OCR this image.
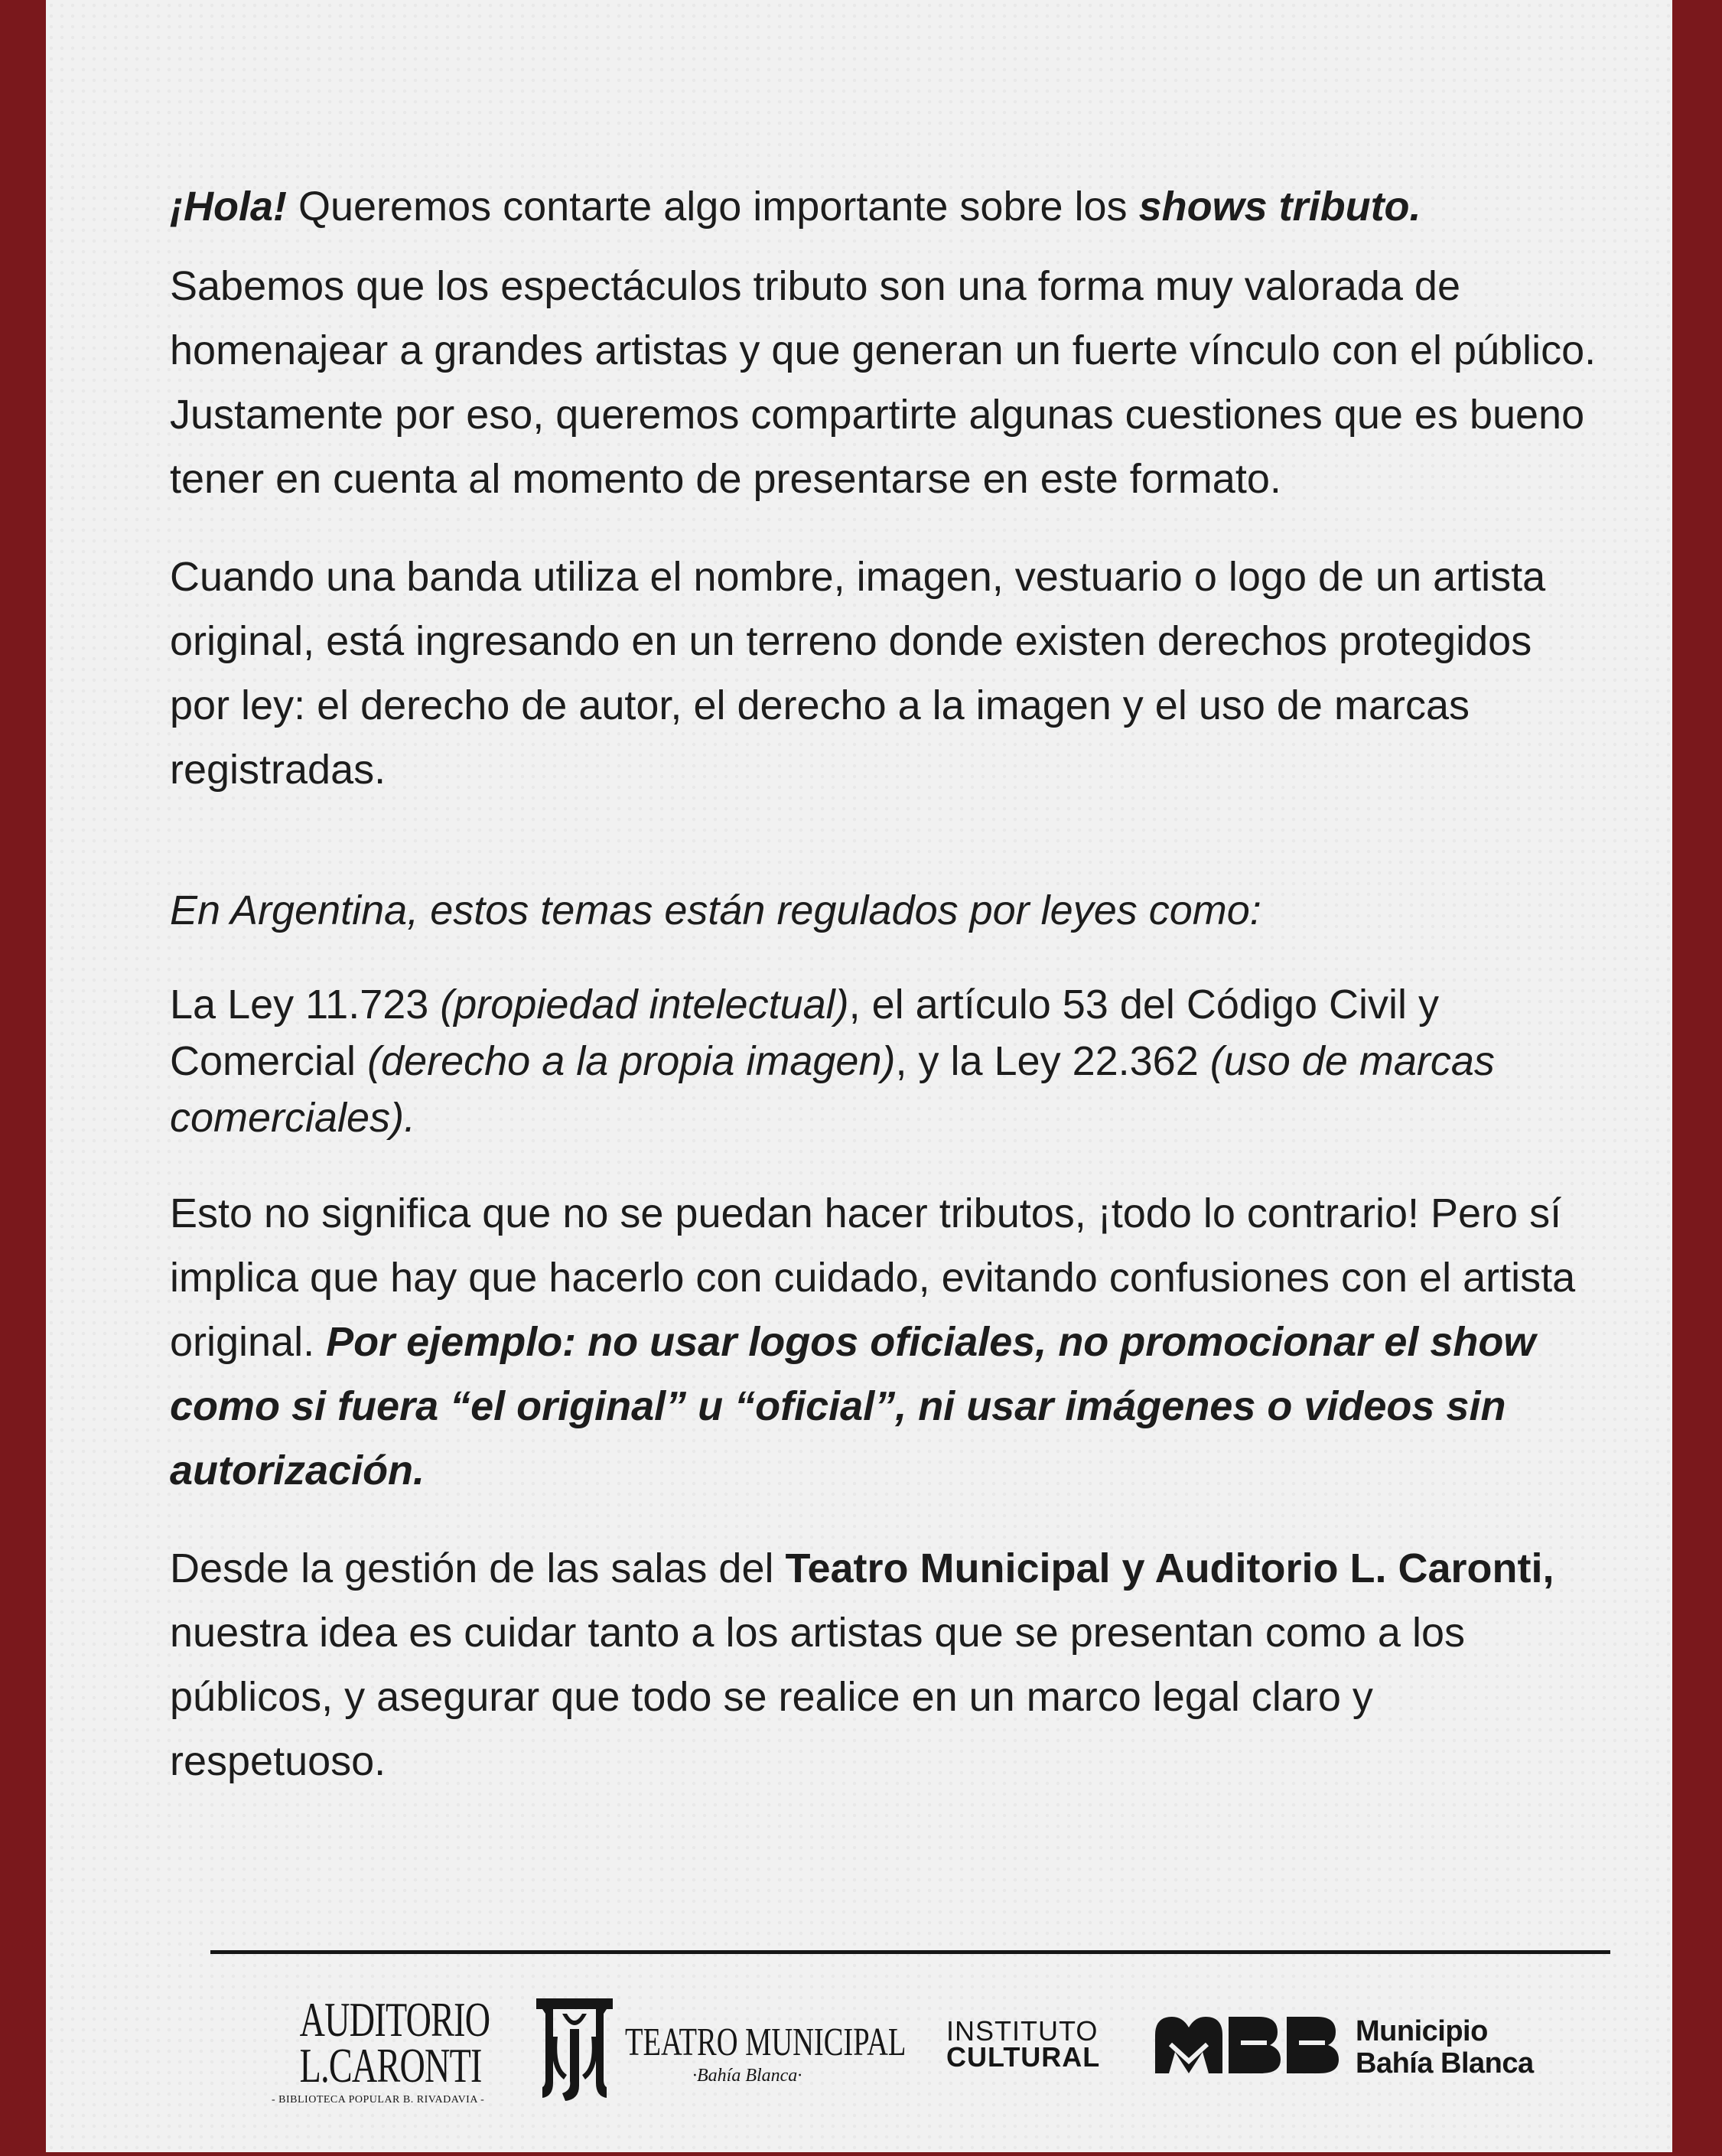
¡Hola! Queremos contarte algo importante sobre los shows tributo.

Sabemos que los espectáculos tributo son una forma muy valorada de homenajear a grandes artistas y que generan un fuerte vínculo con el público. Justamente por eso, queremos compartirte algunas cuestiones que es bueno tener en cuenta al momento de presentarse en este formato.

Cuando una banda utiliza el nombre, imagen, vestuario o logo de un artista original, está ingresando en un terreno donde existen derechos protegidos por ley: el derecho de autor, el derecho a la imagen y el uso de marcas registradas.

En Argentina, estos temas están regulados por leyes como:

La Ley 11.723 (propiedad intelectual), el artículo 53 del Código Civil y Comercial (derecho a la propia imagen), y la Ley 22.362 (uso de marcas comerciales).

Esto no significa que no se puedan hacer tributos, ¡todo lo contrario! Pero sí implica que hay que hacerlo con cuidado, evitando confusiones con el artista original. Por ejemplo: no usar logos oficiales, no promocionar el show como si fuera “el original” u “oficial”, ni usar imágenes o videos sin autorización.

Desde la gestión de las salas del Teatro Municipal y Auditorio L. Caronti, nuestra idea es cuidar tanto a los artistas que se presentan como a los públicos, y asegurar que todo se realice en un marco legal claro y respetuoso.

AUDITORIO
L.CARONTI
- BIBLIOTECA POPULAR B. RIVADAVIA -
TEATRO MUNICIPAL
·Bahía Blanca·
INSTITUTO
CULTURAL
Municipio
Bahía Blanca
